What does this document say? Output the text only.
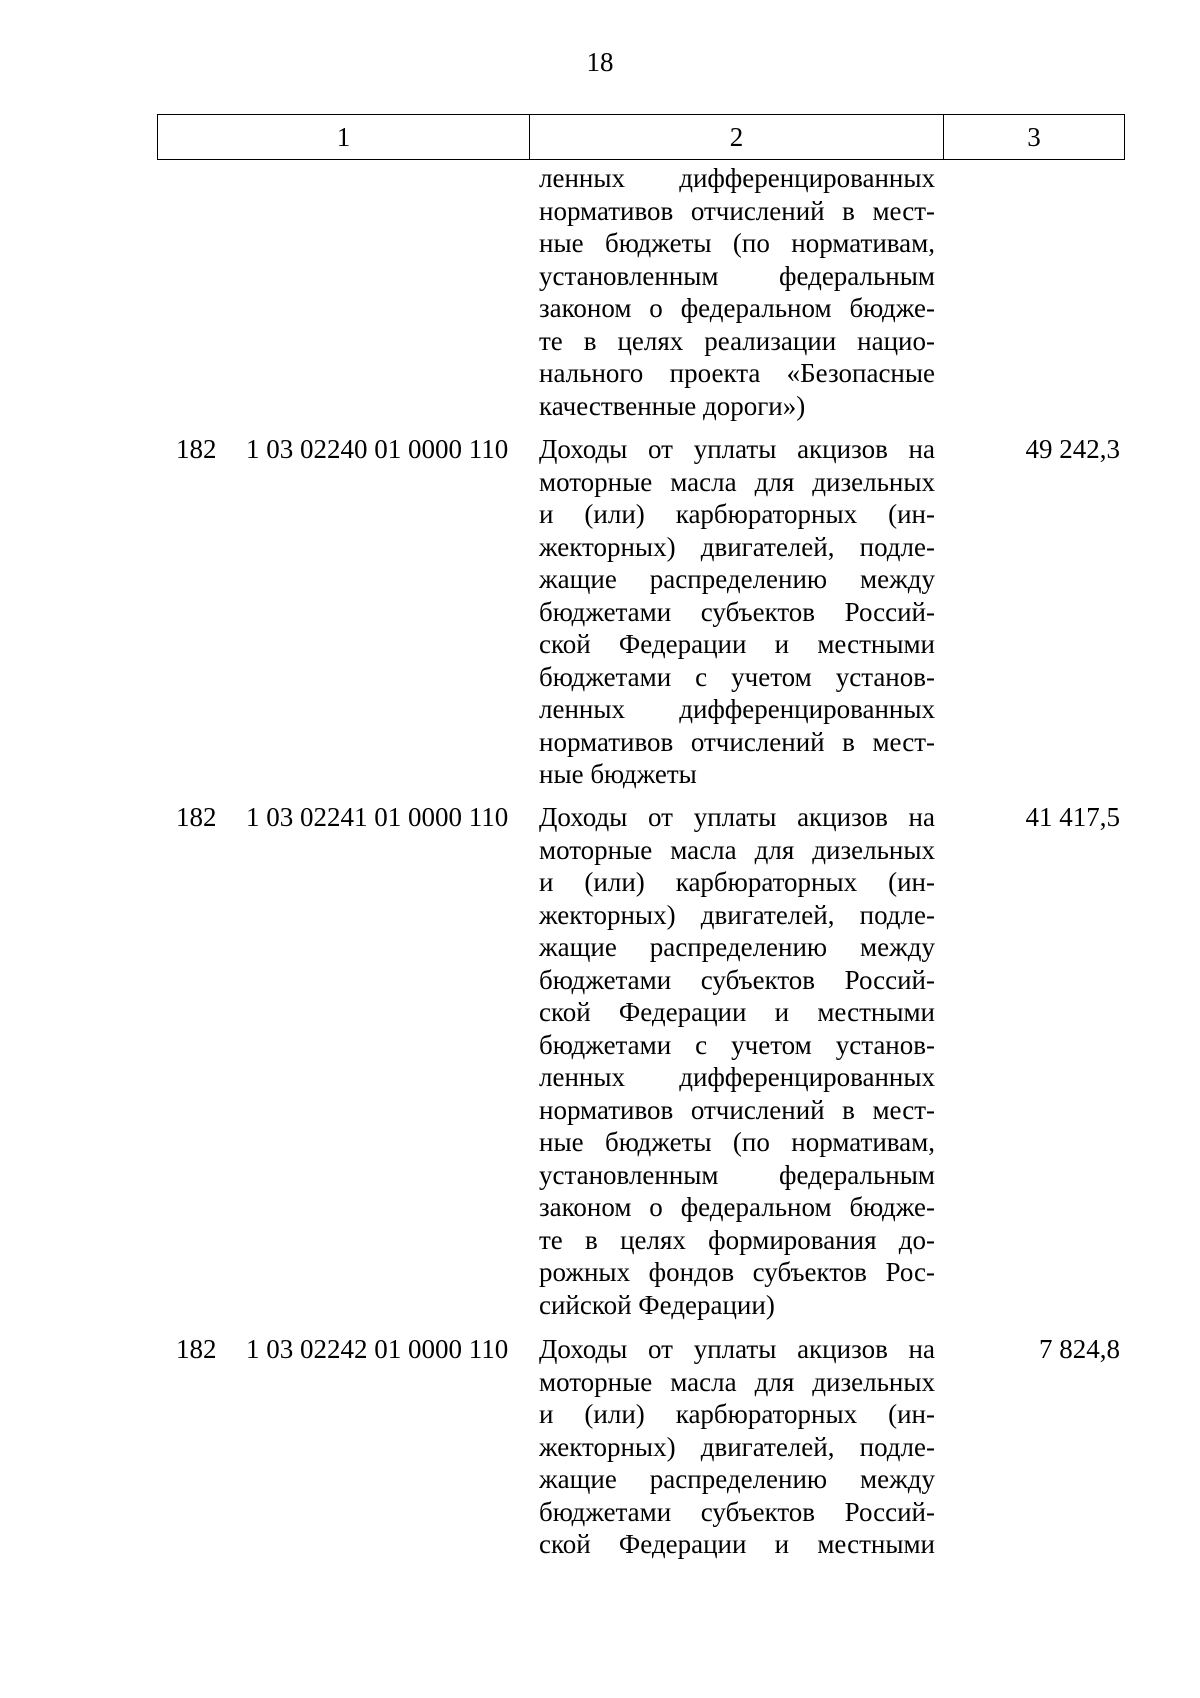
18
1	2	3
ленных дифференцированных
нормативов отчислений в мест-
ные бюджеты (по нормативам,
установленным федеральным
законом о федеральном бюдже-
те в целях реализации нацио-
нального проекта «Безопасные
качественные дороги»)
182 1 03 02240 01 0000 110 Доходы от уплаты акцизов на
моторные масла для дизельных
и (или) карбюраторных (ин-
жекторных) двигателей, подле-
жащие распределению между
бюджетами субъектов Россий-
ской Федерации и местными
бюджетами с учетом установ-
ленных дифференцированных
нормативов отчислений в мест-
ные бюджеты
49 242,3
182 1 03 02241 01 0000 110 Доходы от уплаты акцизов на
моторные масла для дизельных
и (или) карбюраторных (ин-
жекторных) двигателей, подле-
жащие распределению между
бюджетами субъектов Россий-
ской Федерации и местными
бюджетами с учетом установ-
ленных дифференцированных
нормативов отчислений в мест-
ные бюджеты (по нормативам,
установленным федеральным
законом о федеральном бюдже-
те в целях формирования до-
рожных фондов субъектов Рос-
сийской Федерации)
41 417,5
182 1 03 02242 01 0000 110 Доходы от уплаты акцизов на
моторные масла для дизельных
и (или) карбюраторных (ин-
жекторных) двигателей, подле-
жащие распределению между
бюджетами субъектов Россий-
ской Федерации и местными
7 824,8
